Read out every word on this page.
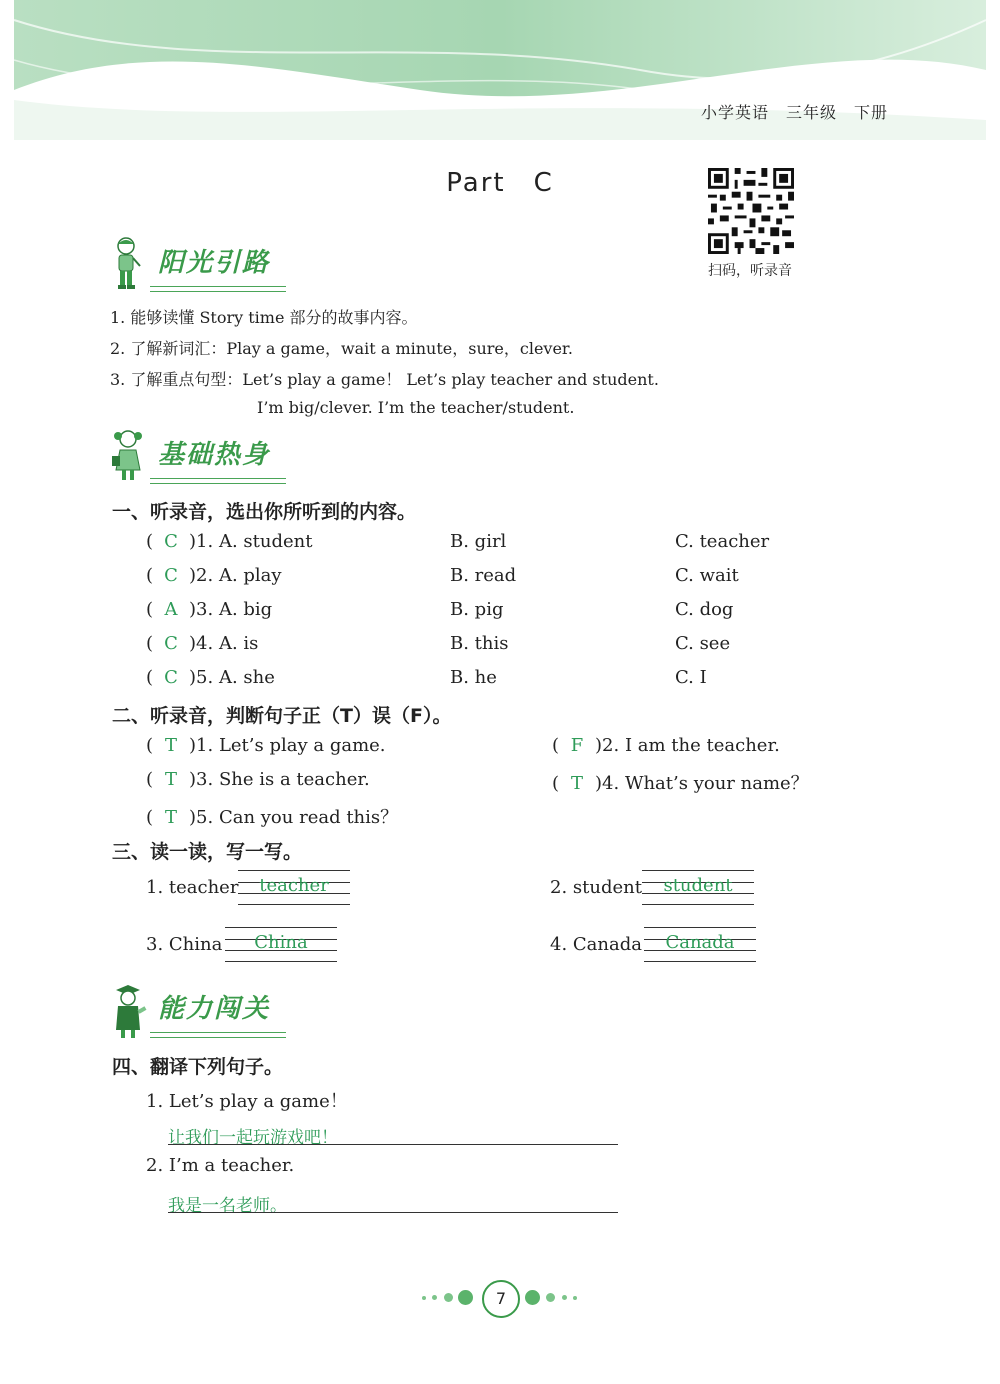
小学英语　三年级　下册
Part　C
扫码，听录音
阳光引路
1. 能够读懂 Story time 部分的故事内容。
2. 了解新词汇：Play a game，wait a minute，sure，clever.
3. 了解重点句型：Let’s play a game！ Let’s play teacher and student.
I’m big/clever. I’m the teacher/student.
基础热身
一、听录音，选出你所听到的内容。
( C )1. A. student	B. girl	C. teacher
( C )2. A. play	B. read	C. wait
( A )3. A. big	B. pig	C. dog
( C )4. A. is	B. this	C. see
( C )5. A. she	B. he	C. I
二、听录音，判断句子正（T）误（F）。
( T )1. Let’s play a game.	( F )2. I am the teacher.
( T )3. She is a teacher.	( T )4. What’s your name？
( T )5. Can you read this？
三、读一读，写一写。
1. teacher	teacher	2. student	student
3. China	China	4. Canada	Canada
能力闯关
四、翻译下列句子。
1. Let’s play a game！
让我们一起玩游戏吧！
2. I’m a teacher.
我是一名老师。
7
